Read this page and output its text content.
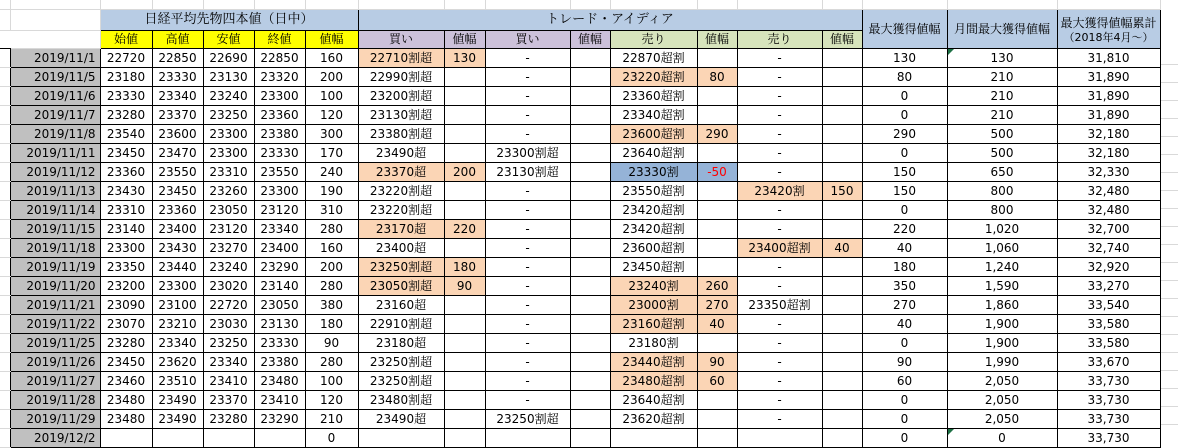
		日経平均先物四本値（日中）					トレード・アイディア								最大獲得値幅	月間最大獲得値幅	最大獲得値幅累計
（2018年4月～）

		始値	高値	安値	終値	値幅	買い	値幅	買い	値幅	売り	値幅	売り	値幅			
	2019/11/1	22720	22850	22690	22850	160	22710割超	130	-		22870超割		-		130	130	31,810
	2019/11/5	23180	23330	23130	23320	200	22990割超		-		23220超割	80	-		80	210	31,890
	2019/11/6	23330	23340	23240	23300	100	23200割超		-		23360超割		-		0	210	31,890
	2019/11/7	23280	23370	23250	23360	120	23130割超		-		23340超割		-		0	210	31,890
	2019/11/8	23540	23600	23300	23380	300	23380割超		-		23600超割	290	-		290	500	32,180
	2019/11/11	23450	23470	23300	23330	170	23490超		23300割超		23640超割		-		0	500	32,180
	2019/11/12	23360	23550	23310	23550	240	23370超	200	23130割超		23330割	-50	-		150	650	32,330
	2019/11/13	23430	23450	23260	23300	190	23220割超		-		23550超割		23420割	150	150	800	32,480
	2019/11/14	23310	23360	23050	23120	310	23220割超		-		23420超割		-		0	800	32,480
	2019/11/15	23140	23400	23120	23340	280	23170超	220	-		23420超割		-		220	1,020	32,700
	2019/11/18	23300	23430	23270	23400	160	23400超		-		23600超割		23400超割	40	40	1,060	32,740
	2019/11/19	23350	23440	23240	23290	200	23250割超	180	-		23450超割		-		180	1,240	32,920
	2019/11/20	23200	23300	23020	23140	280	23050割超	90	-		23240割	260	-		350	1,590	33,270
	2019/11/21	23090	23100	22720	23050	380	23160超		-		23000割	270	23350超割		270	1,860	33,540
	2019/11/22	23070	23210	23030	23130	180	22910割超		-		23160超割	40	-		40	1,900	33,580
	2019/11/25	23280	23340	23250	23330	90	23180超		-		23180割		-		0	1,900	33,580
	2019/11/26	23450	23620	23340	23380	280	23250割超		-		23440超割	90	-		90	1,990	33,670
	2019/11/27	23460	23510	23410	23480	100	23250割超		-		23480超割	60	-		60	2,050	33,730
	2019/11/28	23480	23490	23370	23410	120	23480割超		-		23640超割		-		0	2,050	33,730
	2019/11/29	23480	23490	23280	23290	210	23490超		23250割超		23620超割		-		0	2,050	33,730
	2019/12/2					0									0	0	33,730
